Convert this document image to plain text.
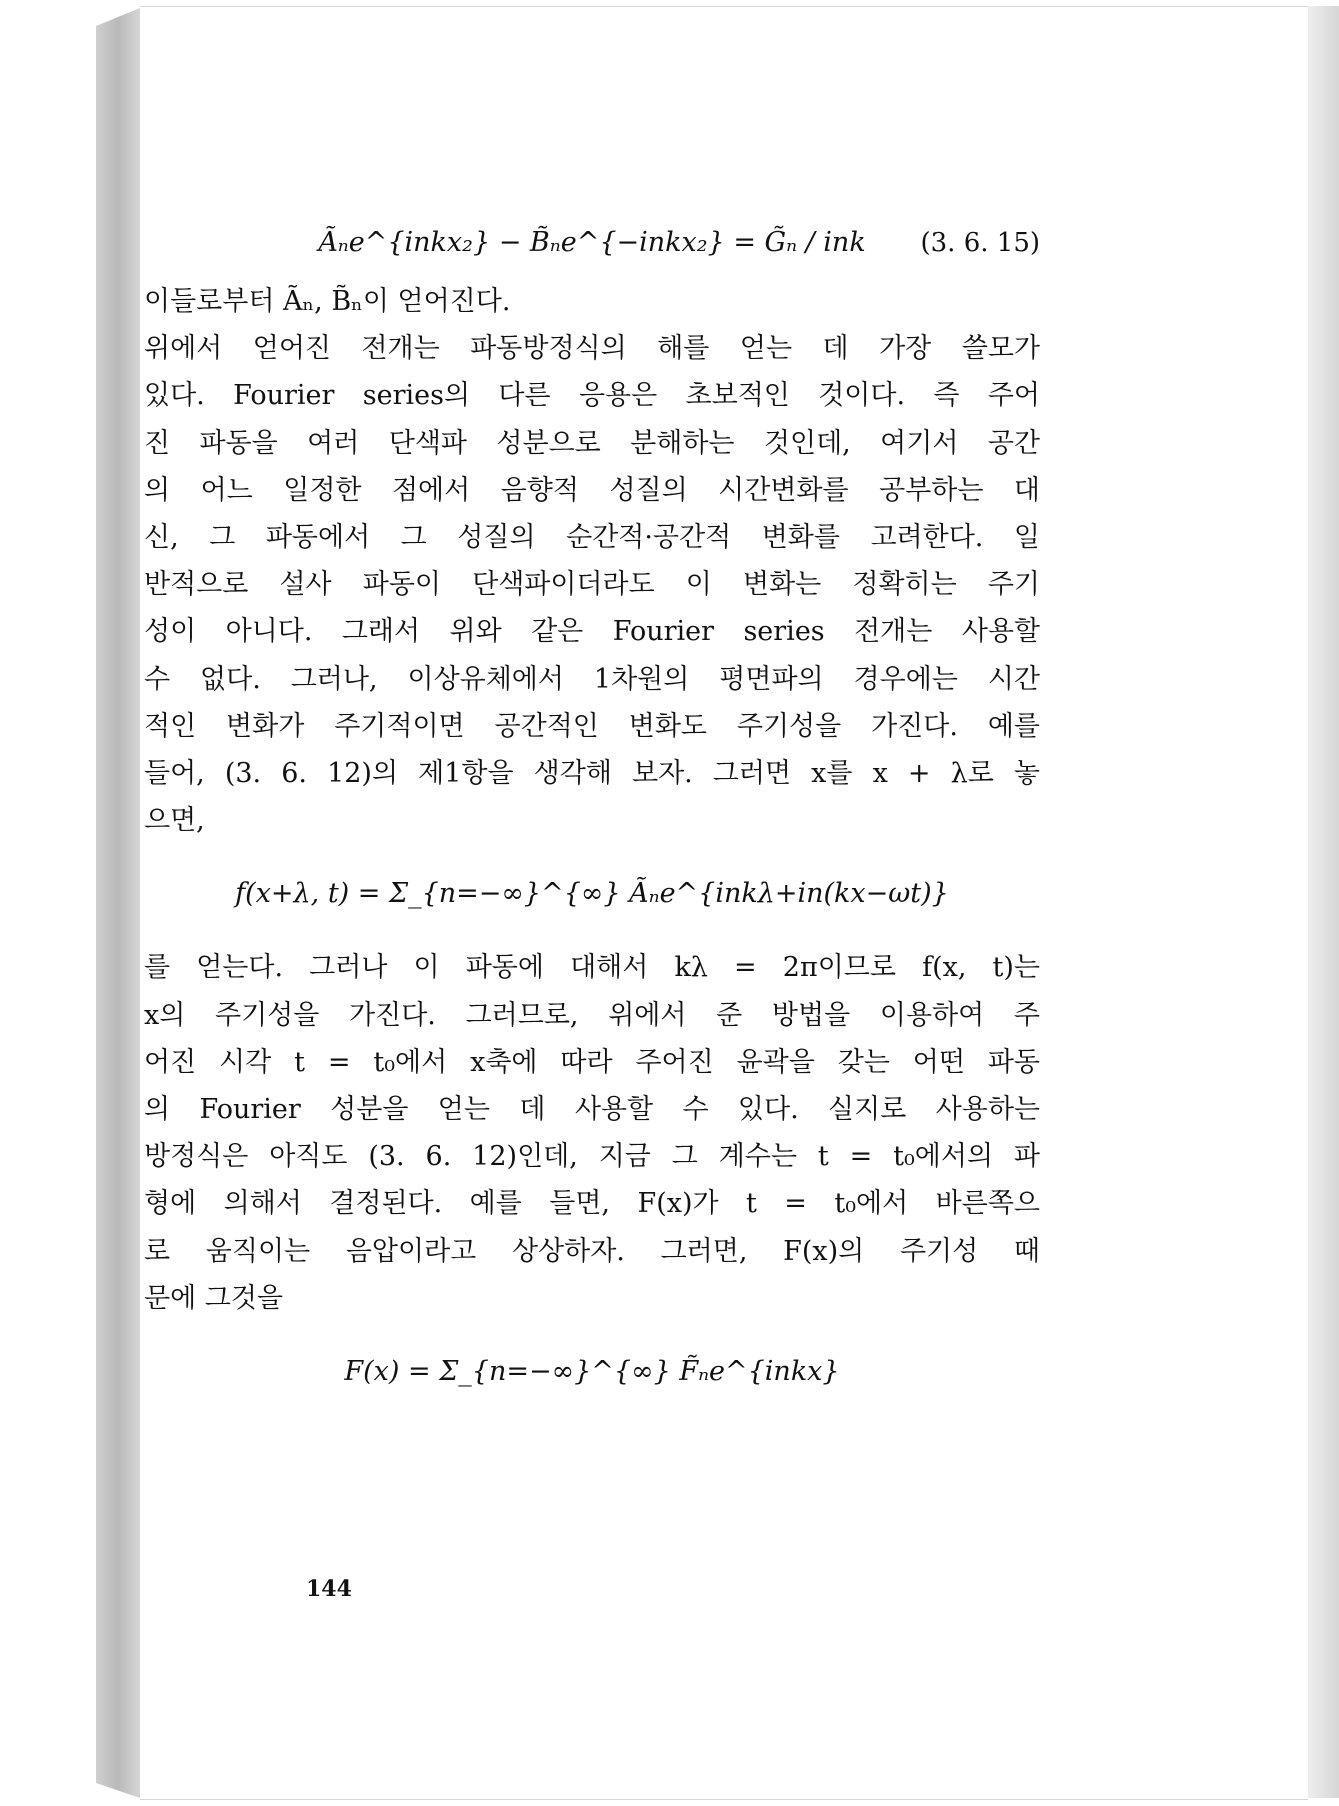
Ãₙe^{inkx₂} − B̃ₙe^{−inkx₂} = G̃ₙ / ink (3. 6. 15)

이들로부터 Ãₙ, B̃ₙ이 얻어진다.

위에서 얻어진 전개는 파동방정식의 해를 얻는 데 가장 쓸모가

있다. Fourier series의 다른 응용은 초보적인 것이다. 즉 주어

진 파동을 여러 단색파 성분으로 분해하는 것인데, 여기서 공간

의 어느 일정한 점에서 음향적 성질의 시간변화를 공부하는 대

신, 그 파동에서 그 성질의 순간적·공간적 변화를 고려한다. 일

반적으로 설사 파동이 단색파이더라도 이 변화는 정확히는 주기

성이 아니다. 그래서 위와 같은 Fourier series 전개는 사용할

수 없다. 그러나, 이상유체에서 1차원의 평면파의 경우에는 시간

적인 변화가 주기적이면 공간적인 변화도 주기성을 가진다. 예를

들어, (3. 6. 12)의 제1항을 생각해 보자. 그러면 x를 x + λ로 놓

으면,

f(x+λ, t) = Σ_{n=−∞}^{∞} Ãₙe^{inkλ+in(kx−ωt)}

를 얻는다. 그러나 이 파동에 대해서 kλ = 2π이므로 f(x, t)는

x의 주기성을 가진다. 그러므로, 위에서 준 방법을 이용하여 주

어진 시각 t = t₀에서 x축에 따라 주어진 윤곽을 갖는 어떤 파동

의 Fourier 성분을 얻는 데 사용할 수 있다. 실지로 사용하는

방정식은 아직도 (3. 6. 12)인데, 지금 그 계수는 t = t₀에서의 파

형에 의해서 결정된다. 예를 들면, F(x)가 t = t₀에서 바른쪽으

로 움직이는 음압이라고 상상하자. 그러면, F(x)의 주기성 때

문에 그것을

F(x) = Σ_{n=−∞}^{∞} F̃ₙe^{inkx}
144
